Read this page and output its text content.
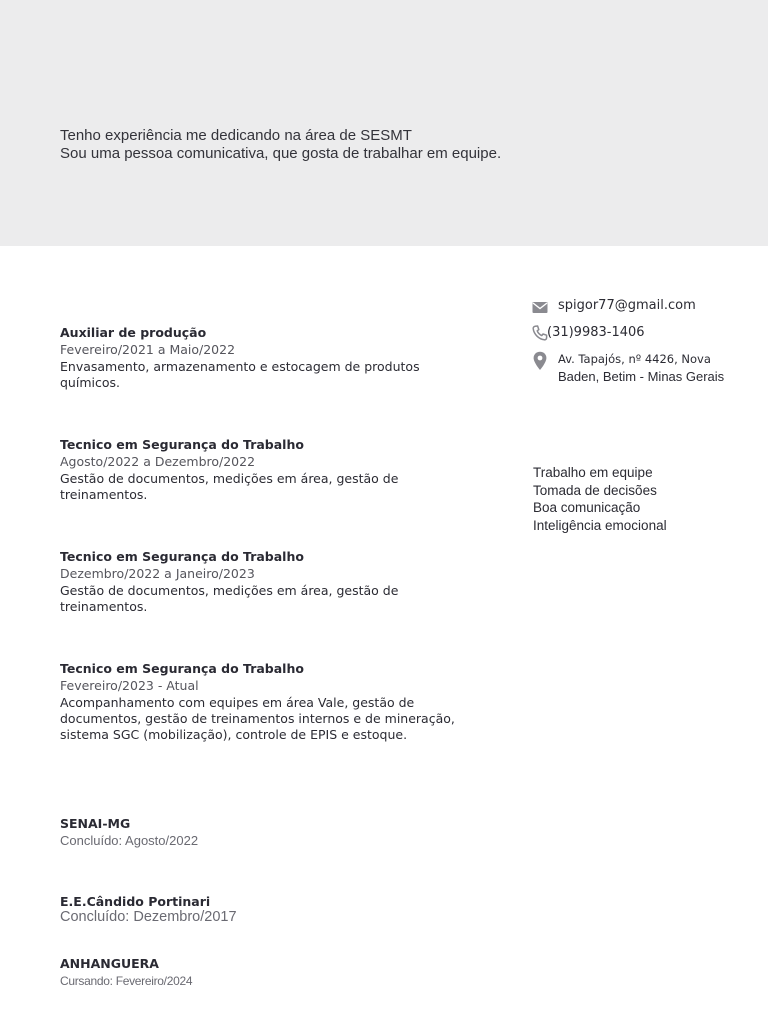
Tenho experiência me dedicando na área de SESMT
Sou uma pessoa comunicativa, que gosta de trabalhar em equipe.
Auxiliar de produção
Fevereiro/2021 a Maio/2022
Envasamento, armazenamento e estocagem de produtos químicos.
Tecnico em Segurança do Trabalho
Agosto/2022 a Dezembro/2022
Gestão de documentos, medições em área, gestão de treinamentos.
Tecnico em Segurança do Trabalho
Dezembro/2022 a Janeiro/2023
Gestão de documentos, medições em área, gestão de treinamentos.
Tecnico em Segurança do Trabalho
Fevereiro/2023 - Atual
Acompanhamento com equipes em área Vale, gestão de documentos, gestão de treinamentos internos e de mineração, sistema SGC (mobilização), controle de EPIS e estoque.
SENAI-MG
Concluído: Agosto/2022
E.E.Cândido Portinari
Concluído: Dezembro/2017
ANHANGUERA
Cursando: Fevereiro/2024
spigor77@gmail.com
(31)9983-1406
Av. Tapajós, nº 4426, Nova
Baden, Betim - Minas Gerais
Trabalho em equipe
Tomada de decisões
Boa comunicação
Inteligência emocional
